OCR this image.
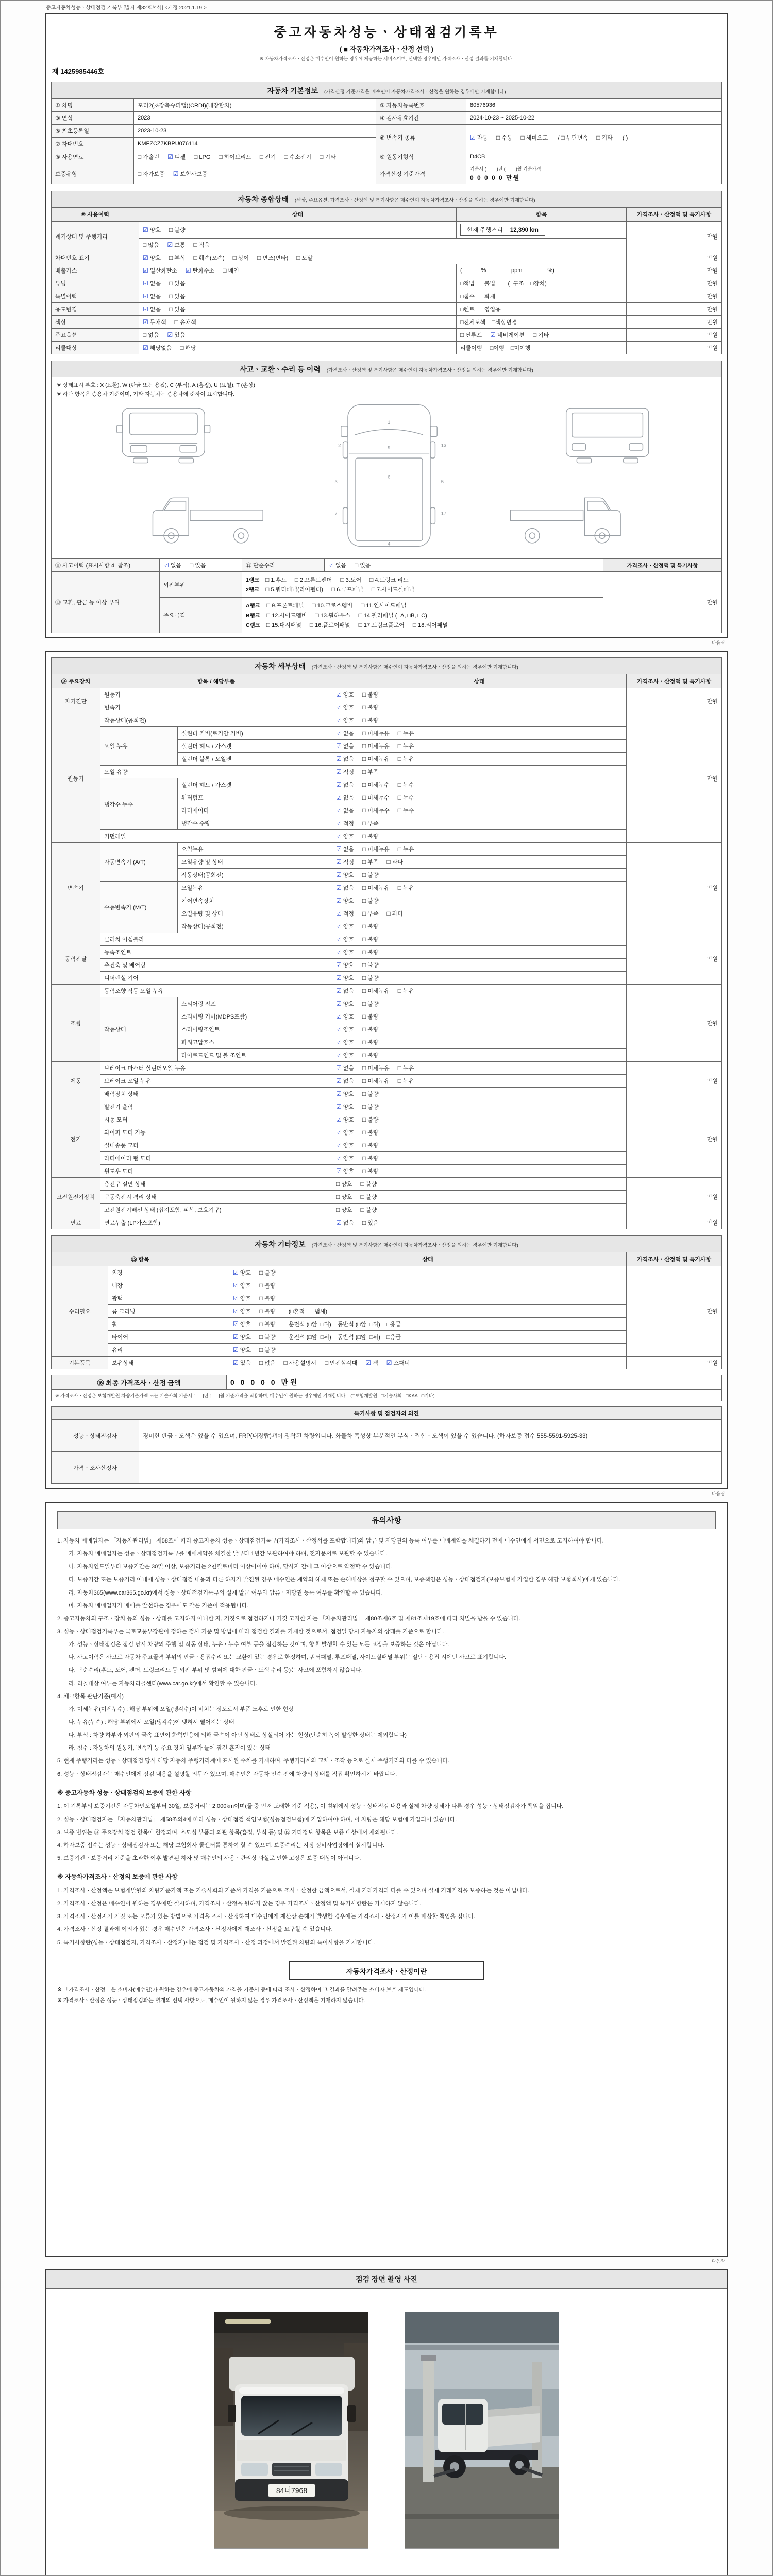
중고자동차성능ㆍ상태점검 기록부 [별지 제82호서식] <개정 2021.1.19.>
중고자동차성능ㆍ상태점검기록부
( ■ 자동차가격조사ㆍ산정 선택 )
※ 자동차가격조사ㆍ산정은 매수인이 원하는 경우에 제공하는 서비스이며, 선택한 경우에만 가격조사ㆍ산정 결과를 기재합니다.
제 1425985446호
자동차 기본정보 (가격산정 기준가격은 매수인이 자동차가격조사ㆍ산정을 원하는 경우에만 기재합니다)
① 차명	포터2(초장축슈퍼캡)(CRDI)(내장탑차)	② 자동차등록번호	80576936
③ 연식	2023	④ 검사유효기간	2024-10-23 ~ 2025-10-22
⑤ 최초등록일	2023-10-23	⑥ 변속기 종류	☑ 자동 □ 수동 □ 세미오토 / □ 무단변속 □ 기타 ( )
⑦ 차대번호	KMFZCZ7KBPU076114		
⑧ 사용연료	□ 가솔린 ☑ 디젤 □ LPG □ 하이브리드 □ 전기 □ 수소전기 □ 기타	⑨ 원동기형식	D4CB
보증유형	□ 자가보증 ☑ 보험사보증	가격산정 기준가격	기준서 (        )년 (        )월 기준가격
0 0 0 0 0 만원
자동차 종합상태 (색상, 주요옵션, 가격조사ㆍ산정액 및 특기사항은 매수인이 자동차가격조사ㆍ산정을 원하는 경우에만 기재합니다)
⑩ 사용이력	상태	항목	가격조사ㆍ산정액 및 특기사항
계기상태 및 주행거리	☑ 양호 □ 불량	현재 주행거리 12,390 km	만원
	□ 많음 ☑ 보통 □ 적음		
차대번호 표기	☑ 양호 □ 부식 □ 훼손(오손) □ 상이 □ 변조(변타) □ 도말		만원
배출가스	☑ 일산화탄소 ☑ 탄화수소 □ 매연	(            %                ppm                %)	만원
튜닝	☑ 없음 □ 있음	□적법    □불법        (□구조    □장치)	만원
특별이력	☑ 없음 □ 있음	□침수    □화재	만원
용도변경	☑ 없음 □ 있음	□렌트    □영업용	만원
색상	☑ 무채색 □ 유채색	□전체도색    □색상변경	만원
주요옵션	□ 없음 ☑ 있음	□ 썬루프 ☑ 네비게이션 □ 기타	만원
리콜대상	☑ 해당없음 □ 해당	리콜이행     □이행    □미이행	만원
사고ㆍ교환ㆍ수리 등 이력 (가격조사ㆍ산정액 및 특기사항은 매수인이 자동차가격조사ㆍ산정을 원하는 경우에만 기재합니다)
※ 상태표시 부호 : X (교환), W (판금 또는 용접), C (부식), A (흠집), U (요철), T (손상)
※ 하단 항목은 승용차 기준이며, 기타 자동차는 승용차에 준하여 표시합니다.
1
2
3
4
5
6
7
9	13
17
⑪ 사고이력 (표시사항 4. 참조)	☑ 없음 □ 있음	⑫ 단순수리	☑ 없음 □ 있음	가격조사ㆍ산정액 및 특기사항
⑬ 교환, 판금 등 이상 부위	외판부위	1랭크 □ 1.후드 □ 2.프론트펜더 □ 3.도어 □ 4.트렁크 리드
2랭크 □ 5.쿼터패널(리어펜더) □ 6.루프패널 □ 7.사이드실패널		만원
	주요골격	A랭크 □ 9.프론트패널 □ 10.크로스멤버 □ 11.인사이드패널
B랭크 □ 12.사이드멤버 □ 13.휠하우스 □ 14.필러패널 (□A, □B, □C)
C랭크 □ 15.대시패널 □ 16.플로어패널 □ 17.트렁크플로어 □ 18.리어패널		
다음장
자동차 세부상태 (가격조사ㆍ산정액 및 특기사항은 매수인이 자동차가격조사ㆍ산정을 원하는 경우에만 기재합니다)
⑭ 주요장치	항목 / 해당부품		상태	가격조사ㆍ산정액 및 특기사항
자기진단	원동기		☑ 양호 □ 불량	만원
	변속기		☑ 양호 □ 불량	
원동기	작동상태(공회전)		☑ 양호 □ 불량	만원
	오일 누유	실린더 커버(로커암 커버)	☑ 없음 □ 미세누유 □ 누유	
		실린더 헤드 / 가스켓	☑ 없음 □ 미세누유 □ 누유	
		실린더 블록 / 오일팬	☑ 없음 □ 미세누유 □ 누유	
	오일 유량		☑ 적정 □ 부족	
	냉각수 누수	실린더 헤드 / 가스켓	☑ 없음 □ 미세누수 □ 누수	
		워터펌프	☑ 없음 □ 미세누수 □ 누수	
		라디에이터	☑ 없음 □ 미세누수 □ 누수	
		냉각수 수량	☑ 적정 □ 부족	
	커먼레일		☑ 양호 □ 불량	
변속기	자동변속기 (A/T)	오일누유	☑ 없음 □ 미세누유 □ 누유	만원
		오일유량 및 상태	☑ 적정 □ 부족 □ 과다	
		작동상태(공회전)	☑ 양호 □ 불량	
	수동변속기 (M/T)	오일누유	☑ 없음 □ 미세누유 □ 누유	
		기어변속장치	☑ 양호 □ 불량	
		오일유량 및 상태	☑ 적정 □ 부족 □ 과다	
		작동상태(공회전)	☑ 양호 □ 불량	
동력전달	클러치 어셈블리		☑ 양호 □ 불량	만원
	등속조인트		☑ 양호 □ 불량	
	추진축 및 베어링		☑ 양호 □ 불량	
	디퍼렌셜 기어		☑ 양호 □ 불량	
조향	동력조향 작동 오일 누유		☑ 없음 □ 미세누유 □ 누유	만원
	작동상태	스티어링 펌프	☑ 양호 □ 불량	
		스티어링 기어(MDPS포함)	☑ 양호 □ 불량	
		스티어링조인트	☑ 양호 □ 불량	
		파워고압호스	☑ 양호 □ 불량	
		타이로드엔드 및 볼 조인트	☑ 양호 □ 불량	
제동	브레이크 마스터 실린더오일 누유		☑ 없음 □ 미세누유 □ 누유	만원
	브레이크 오일 누유		☑ 없음 □ 미세누유 □ 누유	
	배력장치 상태		☑ 양호 □ 불량	
전기	발전기 출력		☑ 양호 □ 불량	만원
	시동 모터		☑ 양호 □ 불량	
	와이퍼 모터 기능		☑ 양호 □ 불량	
	실내송풍 모터		☑ 양호 □ 불량	
	라디에이터 팬 모터		☑ 양호 □ 불량	
	윈도우 모터		☑ 양호 □ 불량	
고전원전기장치	충전구 절연 상태		□ 양호 □ 불량	만원
	구동축전지 격리 상태		□ 양호 □ 불량	
	고전원전기배선 상태 (접지포함, 피복, 보호기구)		□ 양호 □ 불량	
연료	연료누출 (LP가스포함)		☑ 없음 □ 있음	만원
자동차 기타정보 (가격조사ㆍ산정액 및 특기사항은 매수인이 자동차가격조사ㆍ산정을 원하는 경우에만 기재합니다)
⑮ 항목		상태	가격조사ㆍ산정액 및 특기사항
수리필요	외장	☑ 양호 □ 불량	만원
	내장	☑ 양호 □ 불량	
	광택	☑ 양호 □ 불량	
	룸 크리닝	☑ 양호 □ 불량   (□흔적    □냄새)	
	휠	☑ 양호 □ 불량   운전석 (□앞  □뒤)    동반석 (□앞  □뒤)    □응급	
	타이어	☑ 양호 □ 불량   운전석 (□앞  □뒤)    동반석 (□앞  □뒤)    □응급	
	유리	☑ 양호 □ 불량	
기본품목	보유상태	☑ 있음 □ 없음 □ 사용설명서 □ 안전삼각대 ☑ 잭 ☑ 스패너	만원
⑯ 최종 가격조사ㆍ산정 금액	0 0 0 0 0 만원
※ 가격조사ㆍ산정은 보험개발원 차량기준가액 또는 기술사회 기준서 [      ]년 [      ]월 기준가격을 적용하며, 매수인이 원하는 경우에만 기재합니다.   (□보험개발원   □기술사회   □KAA   □기타)
특기사항 및 점검자의 의견	
성능ㆍ상태점검자	경미한 판금ㆍ도색은 있을 수 있으며, FRP(내장탑)캡이 장착된 차량입니다. 화물차 특성상 부분적인 부식ㆍ찍힘ㆍ도색이 있을 수 있습니다. (하자보증 접수 555-5591-5925-33)
가격ㆍ조사산정자	
다음장
유의사항
1. 자동차 매매업자는 「자동차관리법」 제58조에 따라 중고자동차 성능ㆍ상태점검기록부(가격조사ㆍ산정서를 포함합니다)와 압류 및 저당권의 등록 여부를 매매계약을 체결하기 전에 매수인에게 서면으로 고지하여야 합니다.
가. 자동차 매매업자는 성능ㆍ상태점검기록부를 매매계약을 체결한 날부터 1년간 보관하여야 하며, 전자문서로 보관할 수 있습니다.
나. 자동차인도일부터 보증기간은 30일 이상, 보증거리는 2천킬로미터 이상이어야 하며, 당사자 간에 그 이상으로 약정할 수 있습니다.
다. 보증기간 또는 보증거리 이내에 성능ㆍ상태점검 내용과 다른 하자가 발견된 경우 매수인은 계약의 해제 또는 손해배상을 청구할 수 있으며, 보증책임은 성능ㆍ상태점검자(보증보험에 가입한 경우 해당 보험회사)에게 있습니다.
라. 자동차365(www.car365.go.kr)에서 성능ㆍ상태점검기록부의 실제 발급 여부와 압류ㆍ저당권 등록 여부를 확인할 수 있습니다.
마. 자동차 매매업자가 매매를 알선하는 경우에도 같은 기준이 적용됩니다.
2. 중고자동차의 구조ㆍ장치 등의 성능ㆍ상태를 고지하지 아니한 자, 거짓으로 점검하거나 거짓 고지한 자는 「자동차관리법」 제80조제6호 및 제81조제19호에 따라 처벌을 받을 수 있습니다.
3. 성능ㆍ상태점검기록부는 국토교통부장관이 정하는 검사 기준 및 방법에 따라 점검한 결과를 기재한 것으로서, 점검일 당시 자동차의 상태를 기준으로 합니다.
가. 성능ㆍ상태점검은 점검 당시 차량의 주행 및 작동 상태, 누유ㆍ누수 여부 등을 점검하는 것이며, 향후 발생할 수 있는 모든 고장을 보증하는 것은 아닙니다.
나. 사고이력은 사고로 자동차 주요골격 부위의 판금ㆍ용접수리 또는 교환이 있는 경우로 한정하며, 쿼터패널, 루프패널, 사이드실패널 부위는 절단ㆍ용접 시에만 사고로 표기합니다.
다. 단순수리(후드, 도어, 펜더, 트렁크리드 등 외판 부위 및 범퍼에 대한 판금ㆍ도색 수리 등)는 사고에 포함하지 않습니다.
라. 리콜대상 여부는 자동차리콜센터(www.car.go.kr)에서 확인할 수 있습니다.
4. 체크항목 판단기준(예시)
가. 미세누유(미세누수) : 해당 부위에 오일(냉각수)이 비치는 정도로서 부품 노후로 인한 현상
나. 누유(누수) : 해당 부위에서 오일(냉각수)이 맺혀서 떨어지는 상태
다. 부식 : 차량 하부와 외판의 금속 표면이 화학반응에 의해 금속이 아닌 상태로 상실되어 가는 현상(단순히 녹이 발생한 상태는 제외합니다)
라. 침수 : 자동차의 원동기, 변속기 등 주요 장치 일부가 물에 잠긴 흔적이 있는 상태
5. 현재 주행거리는 성능ㆍ상태점검 당시 해당 자동차 주행거리계에 표시된 수치를 기재하며, 주행거리계의 교체ㆍ조작 등으로 실제 주행거리와 다를 수 있습니다.
6. 성능ㆍ상태점검자는 매수인에게 점검 내용을 설명할 의무가 있으며, 매수인은 자동차 인수 전에 차량의 상태를 직접 확인하시기 바랍니다.
※ 중고자동차 성능ㆍ상태점검의 보증에 관한 사항
1. 이 기록부의 보증기간은 자동차인도일부터 30일, 보증거리는 2,000km이며(둘 중 먼저 도래한 기준 적용), 이 범위에서 성능ㆍ상태점검 내용과 실제 차량 상태가 다른 경우 성능ㆍ상태점검자가 책임을 집니다.
2. 성능ㆍ상태점검자는 「자동차관리법」 제58조의4에 따라 성능ㆍ상태점검 책임보험(성능점검보험)에 가입하여야 하며, 이 차량은 해당 보험에 가입되어 있습니다.
3. 보증 범위는 ⑭ 주요장치 점검 항목에 한정되며, 소모성 부품과 외관 항목(흠집, 부식 등) 및 ⑮ 기타정보 항목은 보증 대상에서 제외됩니다.
4. 하자보증 접수는 성능ㆍ상태점검자 또는 해당 보험회사 콜센터를 통하여 할 수 있으며, 보증수리는 지정 정비사업장에서 실시합니다.
5. 보증기간ㆍ보증거리 기준을 초과한 이후 발견된 하자 및 매수인의 사용ㆍ관리상 과실로 인한 고장은 보증 대상이 아닙니다.
※ 자동차가격조사ㆍ산정의 보증에 관한 사항
1. 가격조사ㆍ산정액은 보험개발원의 차량기준가액 또는 기술사회의 기준서 가격을 기준으로 조사ㆍ산정한 금액으로서, 실제 거래가격과 다를 수 있으며 실제 거래가격을 보증하는 것은 아닙니다.
2. 가격조사ㆍ산정은 매수인이 원하는 경우에만 실시하며, 가격조사ㆍ산정을 원하지 않는 경우 가격조사ㆍ산정액 및 특기사항란은 기재하지 않습니다.
3. 가격조사ㆍ산정자가 거짓 또는 오류가 있는 방법으로 가격을 조사ㆍ산정하여 매수인에게 재산상 손해가 발생한 경우에는 가격조사ㆍ산정자가 이를 배상할 책임을 집니다.
4. 가격조사ㆍ산정 결과에 이의가 있는 경우 매수인은 가격조사ㆍ산정자에게 재조사ㆍ산정을 요구할 수 있습니다.
5. 특기사항란(성능ㆍ상태점검자, 가격조사ㆍ산정자)에는 점검 및 가격조사ㆍ산정 과정에서 발견된 차량의 특이사항을 기재합니다.
자동차가격조사ㆍ산정이란
※ 「가격조사ㆍ산정」은 소비자(매수인)가 원하는 경우에 중고자동차의 가격을 기준서 등에 따라 조사ㆍ산정하여 그 결과를 알려주는 소비자 보호 제도입니다.
※ 가격조사ㆍ산정은 성능ㆍ상태점검과는 별개의 선택 사항으로, 매수인이 원하지 않는 경우 가격조사ㆍ산정액은 기재하지 않습니다.
다음장
점검 장면 촬영 사진
84너7968
